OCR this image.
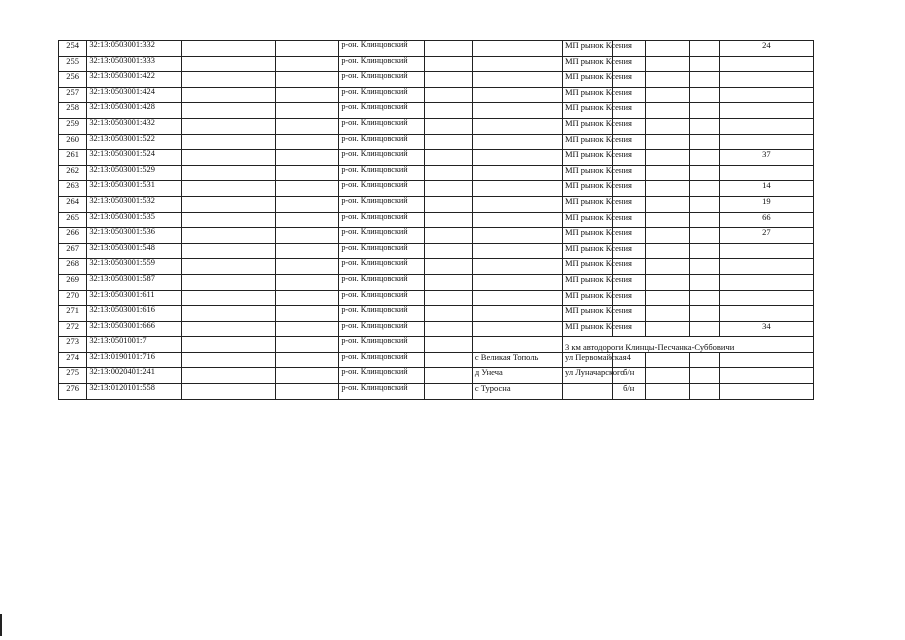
254	32:13:0503001:332			р-он. Клинцовский			МП рынок Ксения				24
255	32:13:0503001:333			р-он. Клинцовский			МП рынок Ксения				
256	32:13:0503001:422			р-он. Клинцовский			МП рынок Ксения				
257	32:13:0503001:424			р-он. Клинцовский			МП рынок Ксения				
258	32:13:0503001:428			р-он. Клинцовский			МП рынок Ксения				
259	32:13:0503001:432			р-он. Клинцовский			МП рынок Ксения				
260	32:13:0503001:522			р-он. Клинцовский			МП рынок Ксения				
261	32:13:0503001:524			р-он. Клинцовский			МП рынок Ксения				37
262	32:13:0503001:529			р-он. Клинцовский			МП рынок Ксения				
263	32:13:0503001:531			р-он. Клинцовский			МП рынок Ксения				14
264	32:13:0503001:532			р-он. Клинцовский			МП рынок Ксения				19
265	32:13:0503001:535			р-он. Клинцовский			МП рынок Ксения				66
266	32:13:0503001:536			р-он. Клинцовский			МП рынок Ксения				27
267	32:13:0503001:548			р-он. Клинцовский			МП рынок Ксения				
268	32:13:0503001:559			р-он. Клинцовский			МП рынок Ксения				
269	32:13:0503001:587			р-он. Клинцовский			МП рынок Ксения				
270	32:13:0503001:611			р-он. Клинцовский			МП рынок Ксения				
271	32:13:0503001:616			р-он. Клинцовский			МП рынок Ксения				
272	32:13:0503001:666			р-он. Клинцовский			МП рынок Ксения				34
273	32:13:0501001:7			р-он. Клинцовский			3 км автодороги Клинцы-Песчанка-Суббовичи				

274	32:13:0190101:716			р-он. Клинцовский		с Великая Тополь	ул Первомайская	4			
275	32:13:0020401:241			р-он. Клинцовский		д Унеча	ул Луначарского	б/н			
276	32:13:0120101:558			р-он. Клинцовский		с Туросна		б/н			
